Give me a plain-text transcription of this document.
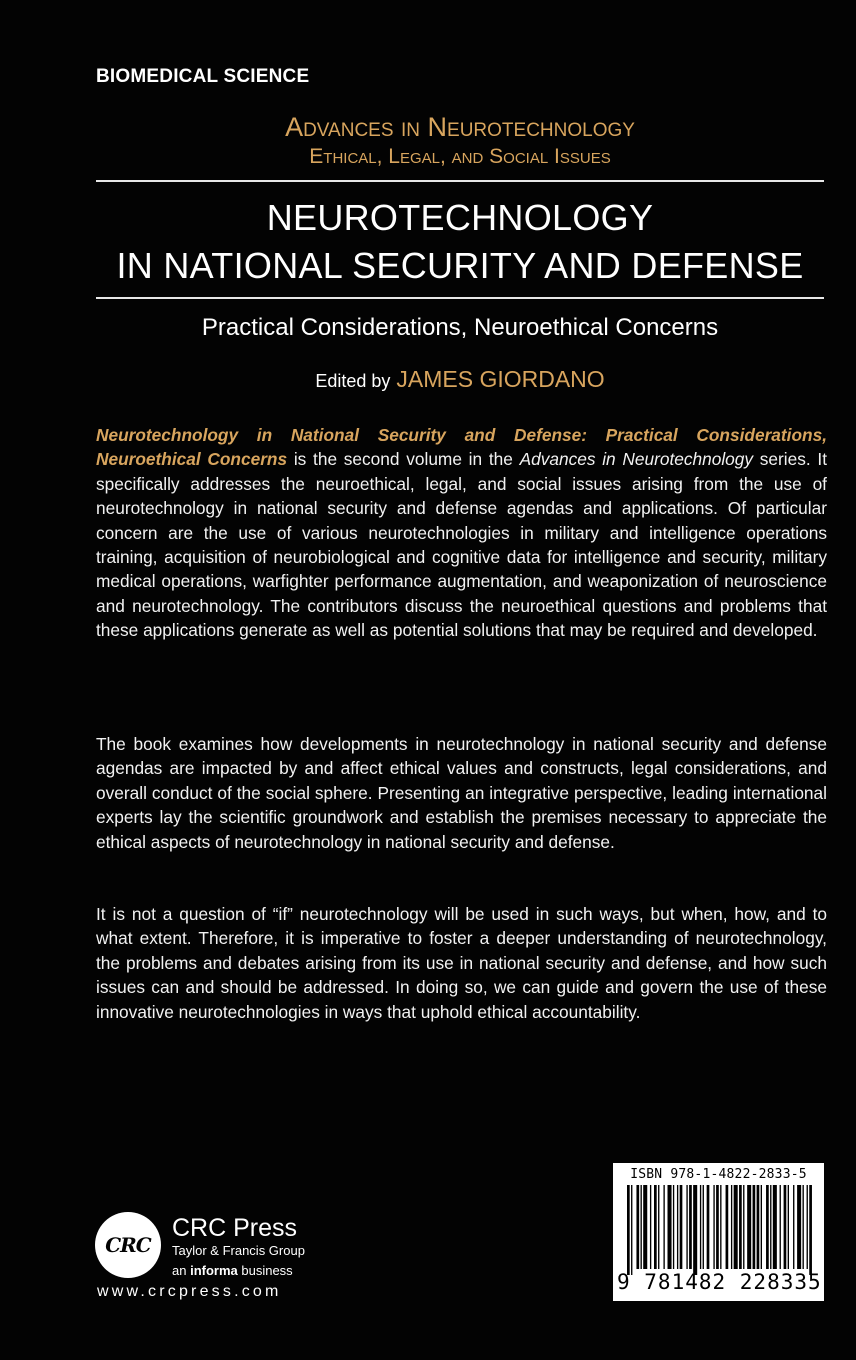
BIOMEDICAL SCIENCE
Advances in Neurotechnology
Ethical, Legal, and Social Issues
NEUROTECHNOLOGY
IN NATIONAL SECURITY AND DEFENSE
Practical Considerations, Neuroethical Concerns
Edited by JAMES GIORDANO
Neurotechnology in National Security and Defense: Practical Considerations, Neuroethical Concerns is the second volume in the Advances in Neurotechnology series. It specifically addresses the neuroethical, legal, and social issues arising from the use of neurotechnology in national security and defense agendas and applications. Of particular concern are the use of various neurotechnologies in military and intelligence operations training, acquisition of neurobiological and cognitive data for intelligence and security, military medical operations, warfighter performance augmentation, and weaponization of neuroscience and neurotechnology. The contributors discuss the neuroethical questions and problems that these applications generate as well as potential solutions that may be required and developed.
The book examines how developments in neurotechnology in national security and defense agendas are impacted by and affect ethical values and constructs, legal considerations, and overall conduct of the social sphere. Presenting an integrative perspective, leading international experts lay the scientific groundwork and establish the premises necessary to appreciate the ethical aspects of neurotechnology in national security and defense.
It is not a question of “if” neurotechnology will be used in such ways, but when, how, and to what extent. Therefore, it is imperative to foster a deeper understanding of neurotechnology, the problems and debates arising from its use in national security and defense, and how such issues can and should be addressed. In doing so, we can guide and govern the use of these innovative neurotechnologies in ways that uphold ethical accountability.
CRC
CRC Press
Taylor & Francis Group
an informa business
www.crcpress.com
ISBN 978-1-4822-2833-5
9 781482 228335
